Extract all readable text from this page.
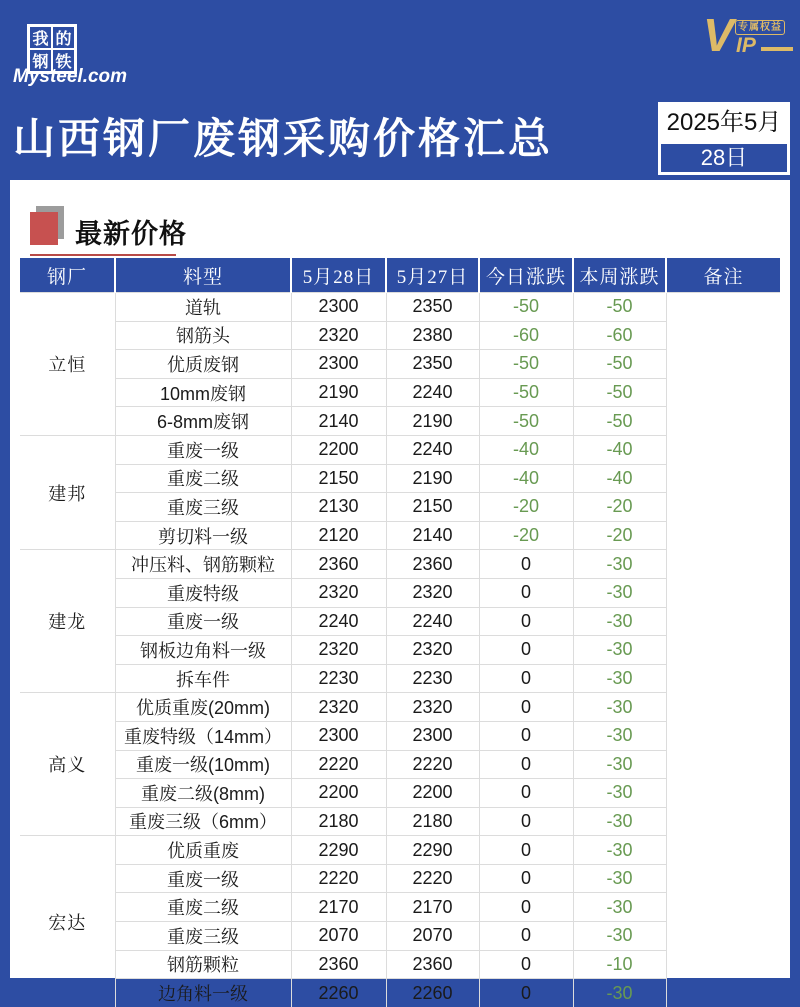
我 的
钢 铁
Mysteel.com
V 专属权益
IP
山西钢厂废钢采购价格汇总	2025年5月
28日
最新价格
钢厂	料型	5月28日	5月27日	今日涨跌	本周涨跌	备注
立恒	道轨	2300	2350	-50	-50	
	钢筋头	2320	2380	-60	-60	
	优质废钢	2300	2350	-50	-50	
	10mm废钢	2190	2240	-50	-50	
	6-8mm废钢	2140	2190	-50	-50	
建邦	重废一级	2200	2240	-40	-40	
	重废二级	2150	2190	-40	-40	
	重废三级	2130	2150	-20	-20	
	剪切料一级	2120	2140	-20	-20	
建龙	冲压料、钢筋颗粒	2360	2360	0	-30	
	重废特级	2320	2320	0	-30	
	重废一级	2240	2240	0	-30	
	钢板边角料一级	2320	2320	0	-30	
	拆车件	2230	2230	0	-30	
高义	优质重废(20mm)	2320	2320	0	-30	
	重废特级（14mm）	2300	2300	0	-30	
	重废一级(10mm)	2220	2220	0	-30	
	重废二级(8mm)	2200	2200	0	-30	
	重废三级（6mm）	2180	2180	0	-30	
宏达	优质重废	2290	2290	0	-30	
	重废一级	2220	2220	0	-30	
	重废二级	2170	2170	0	-30	
	重废三级	2070	2070	0	-30	
	钢筋颗粒	2360	2360	0	-10	
	边角料一级	2260	2260	0	-30	
